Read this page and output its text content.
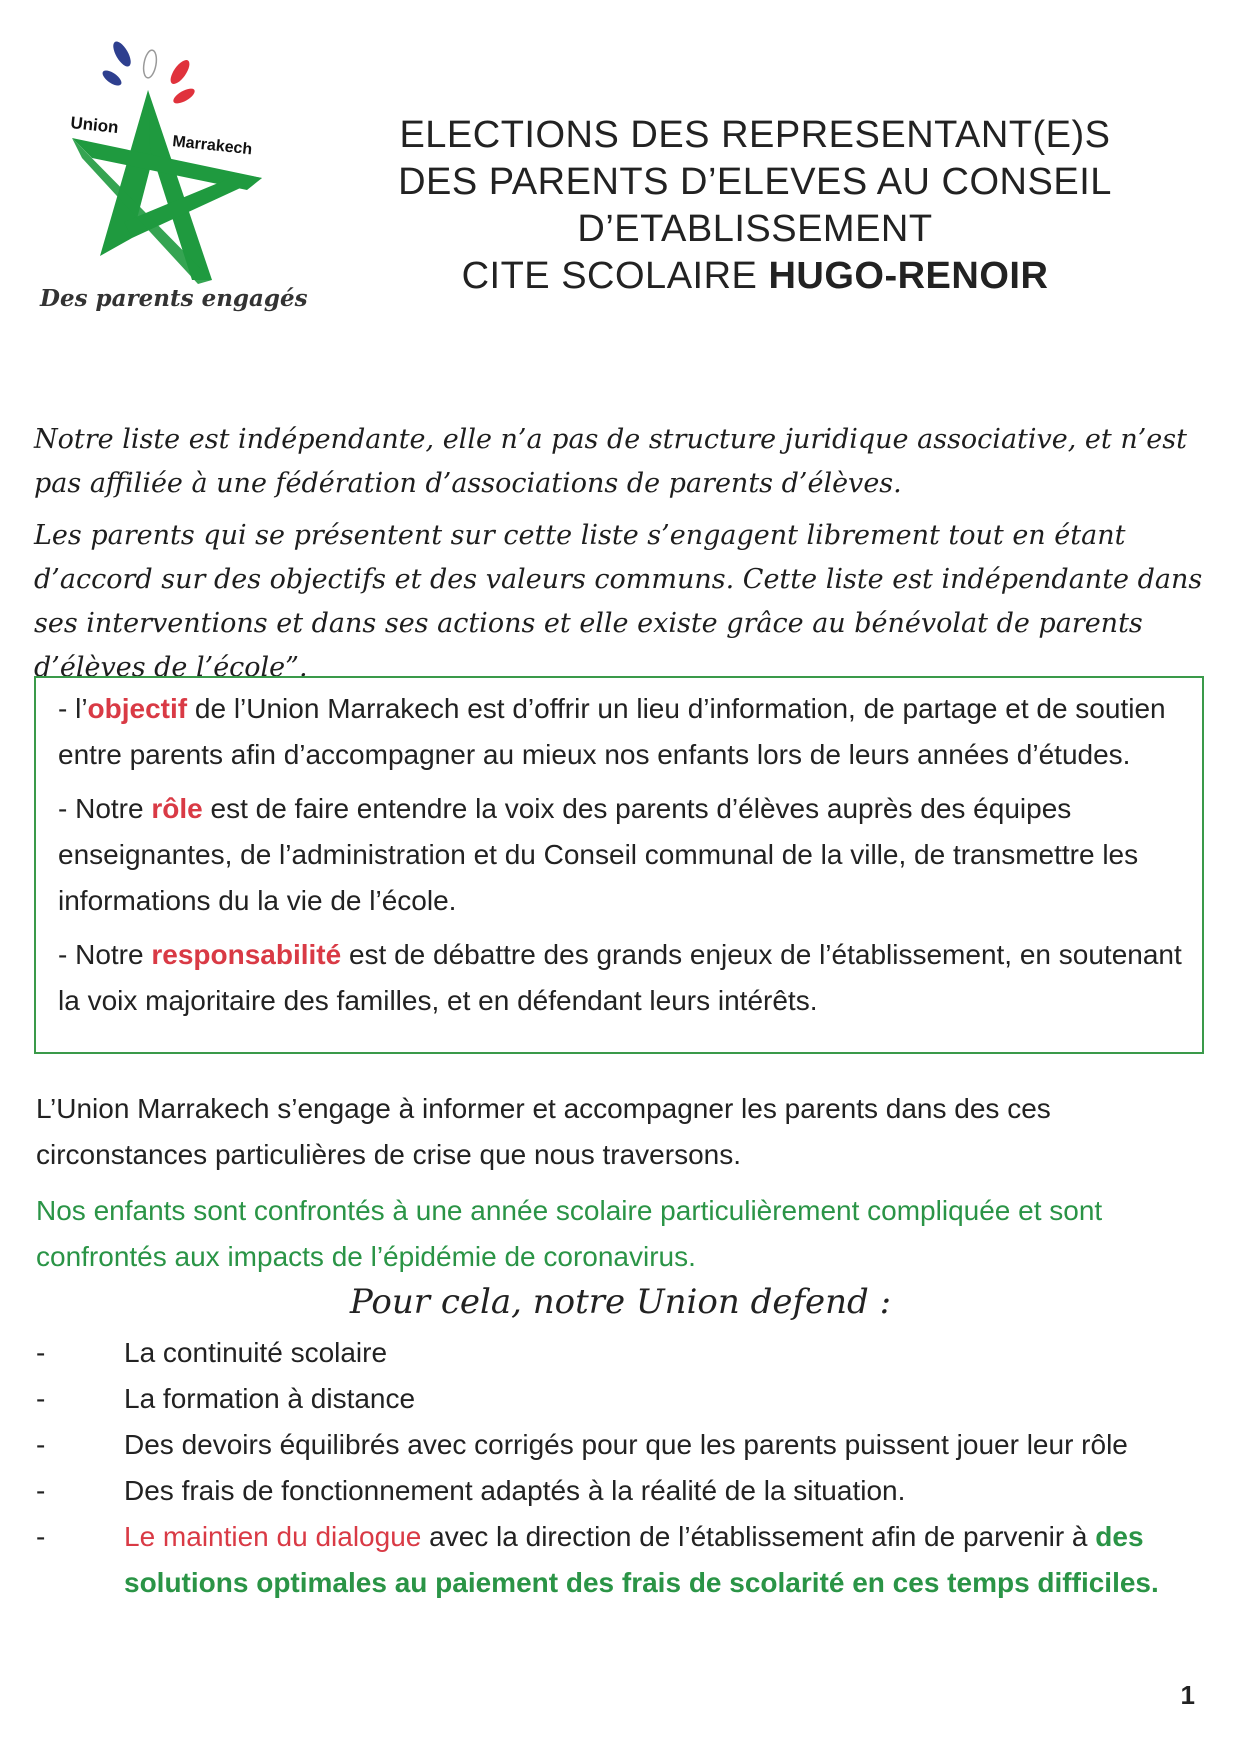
Union
Marrakech
Des parents engagés
ELECTIONS DES REPRESENTANT(E)S
DES PARENTS D’ELEVES AU CONSEIL
D’ETABLISSEMENT
CITE SCOLAIRE HUGO-RENOIR

Notre liste est indépendante, elle n’a pas de structure juridique associative, et n’est pas affiliée à une fédération d’associations de parents d’élèves.

Les parents qui se présentent sur cette liste s’engagent librement tout en étant d’accord sur des objectifs et des valeurs communs. Cette liste est indépendante dans ses interventions et dans ses actions et elle existe grâce au bénévolat de parents d’élèves de l’école”.

- l’objectif de l’Union Marrakech est d’offrir un lieu d’information, de partage et de soutien entre parents afin d’accompagner au mieux nos enfants lors de leurs années d’études.

- Notre rôle est de faire entendre la voix des parents d’élèves auprès des équipes enseignantes, de l’administration et du Conseil communal de la ville, de transmettre les informations du la vie de l’école.

- Notre responsabilité est de débattre des grands enjeux de l’établissement, en soutenant la voix majoritaire des familles, et en défendant leurs intérêts.

L’Union Marrakech s’engage à informer et accompagner les parents dans des ces circonstances particulières de crise que nous traversons.

Nos enfants sont confrontés à une année scolaire particulièrement compliquée et sont confrontés aux impacts de l’épidémie de coronavirus.

Pour cela, notre Union defend :
-	La continuité scolaire
-	La formation à distance
-	Des devoirs équilibrés avec corrigés pour que les parents puissent jouer leur rôle
-	Des frais de fonctionnement adaptés à la réalité de la situation.
-	Le maintien du dialogue avec la direction de l’établissement afin de parvenir à des solutions optimales au paiement des frais de scolarité en ces temps difficiles.
1
